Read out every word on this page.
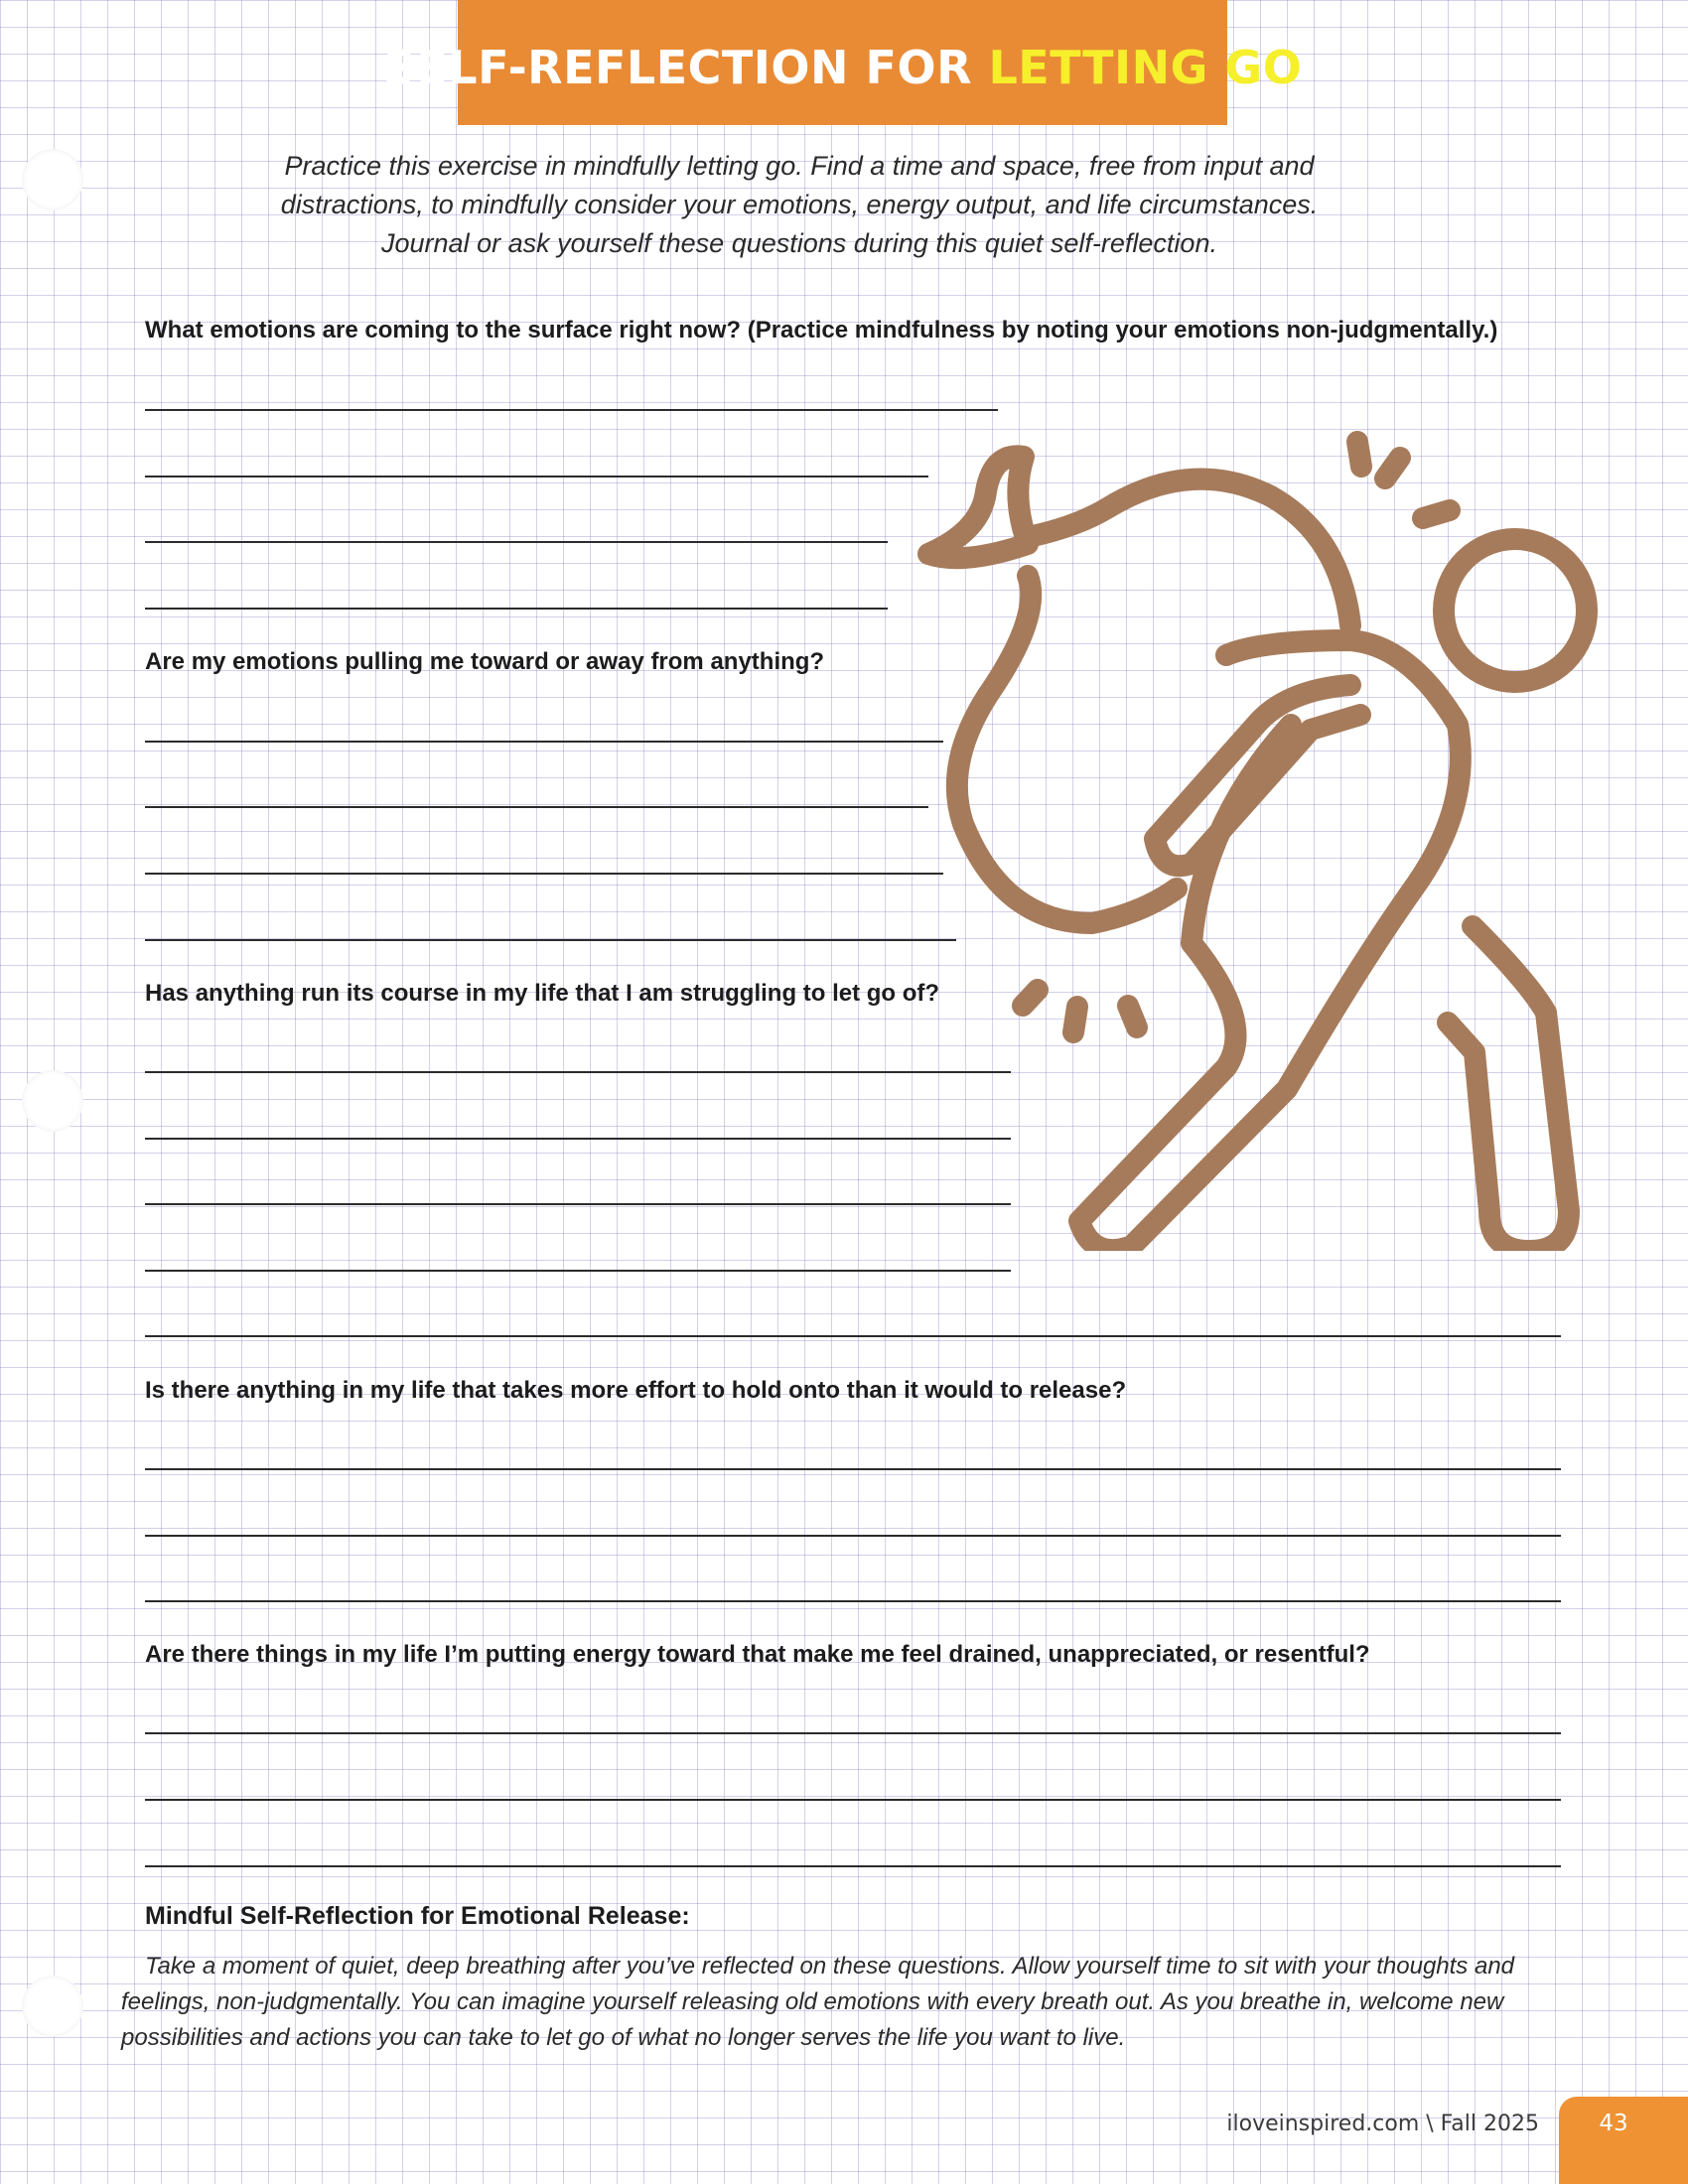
SELF-REFLECTION FOR LETTING GO
Practice this exercise in mindfully letting go. Find a time and space, free from input and
distractions, to mindfully consider your emotions, energy output, and life circumstances.
Journal or ask yourself these questions during this quiet self-reflection.
What emotions are coming to the surface right now? (Practice mindfulness by noting your emotions non-judgmentally.)
Are my emotions pulling me toward or away from anything?
Has anything run its course in my life that I am struggling to let go of?
Is there anything in my life that takes more effort to hold onto than it would to release?
Are there things in my life I’m putting energy toward that make me feel drained, unappreciated, or resentful?
Mindful Self-Reflection for Emotional Release:
Take a moment of quiet, deep breathing after you’ve reflected on these questions. Allow yourself time to sit with your thoughts and feelings, non-judgmentally. You can imagine yourself releasing old emotions with every breath out. As you breathe in, welcome new possibilities and actions you can take to let go of what no longer serves the life you want to live.
iloveinspired.com \ Fall 2025	43
